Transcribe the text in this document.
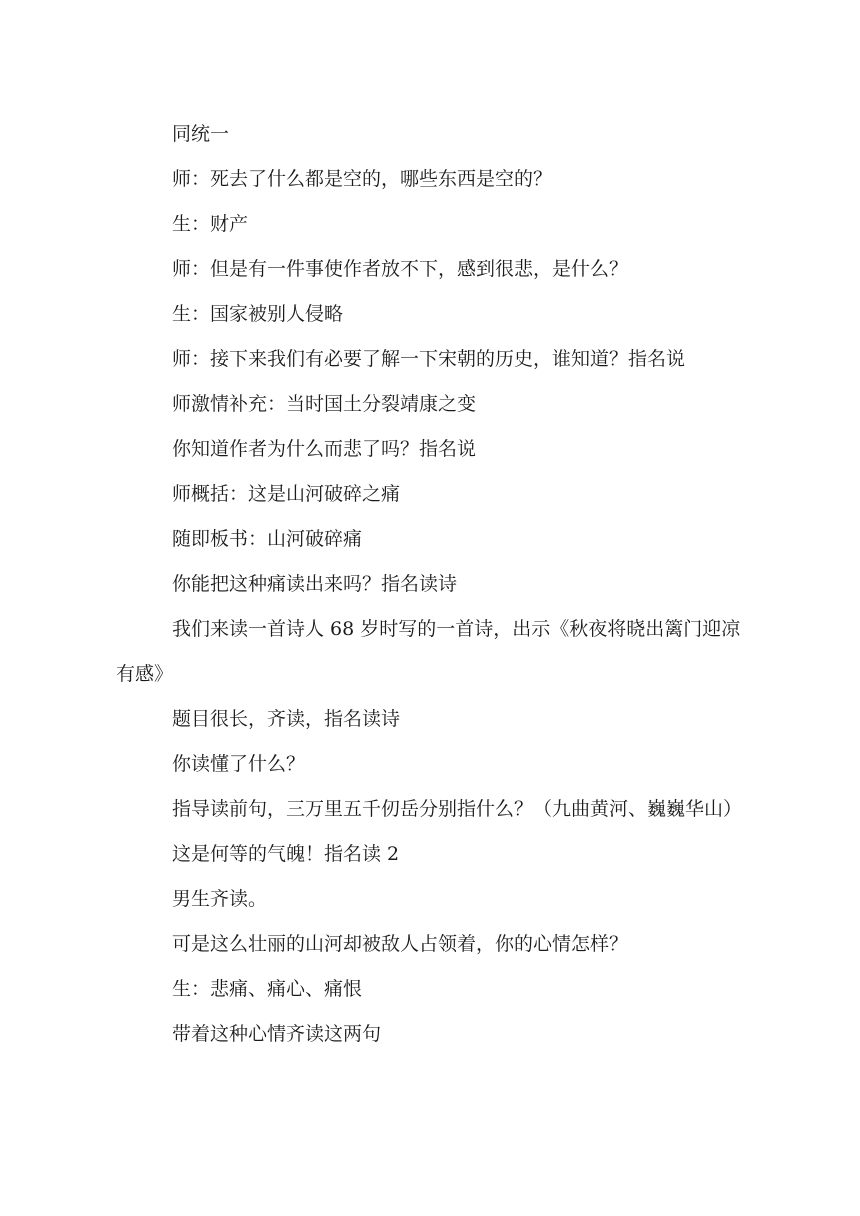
同统一

师：死去了什么都是空的，哪些东西是空的？

生：财产

师：但是有一件事使作者放不下，感到很悲，是什么？

生：国家被别人侵略

师：接下来我们有必要了解一下宋朝的历史，谁知道？指名说

师激情补充：当时国土分裂靖康之变

你知道作者为什么而悲了吗？指名说

师概括：这是山河破碎之痛

随即板书：山河破碎痛

你能把这种痛读出来吗？指名读诗

我们来读一首诗人 68 岁时写的一首诗，出示《秋夜将晓出篱门迎凉有感》

题目很长，齐读，指名读诗

你读懂了什么？

指导读前句，三万里五千仞岳分别指什么？（九曲黄河、巍巍华山）

这是何等的气魄！指名读 2

男生齐读。

可是这么壮丽的山河却被敌人占领着，你的心情怎样？

生：悲痛、痛心、痛恨

带着这种心情齐读这两句
